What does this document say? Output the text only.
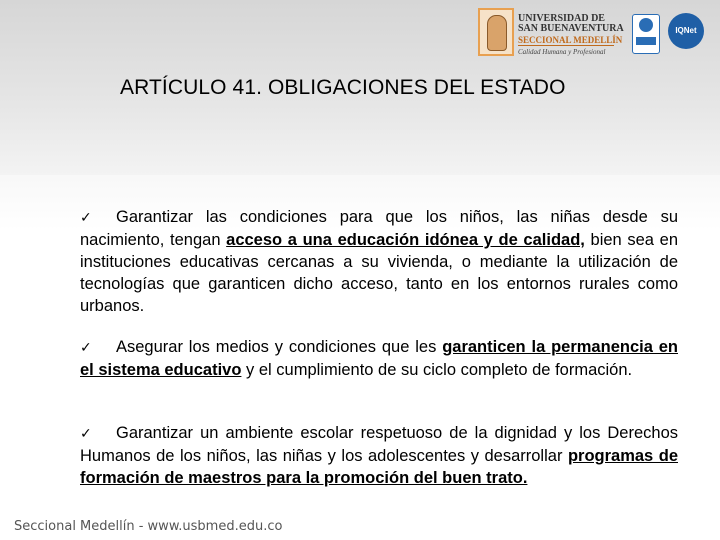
UNIVERSIDAD DE
SAN BUENAVENTURA
SECCIONAL MEDELLÍN
Calidad Humana y Profesional
IQNet
ARTÍCULO 41. OBLIGACIONES DEL ESTADO
✓ Garantizar las condiciones para que los niños, las niñas desde su nacimiento, tengan acceso a una educación idónea y de calidad, bien sea en instituciones educativas cercanas a su vivienda, o mediante la utilización de tecnologías que garanticen dicho acceso, tanto en los entornos rurales como urbanos.
✓ Asegurar los medios y condiciones que les garanticen la permanencia en el sistema educativo y el cumplimiento de su ciclo completo de formación.
✓ Garantizar un ambiente escolar respetuoso de la dignidad y los Derechos Humanos de los niños, las niñas y los adolescentes y desarrollar programas de formación de maestros para la promoción del buen trato.
Seccional Medellín - www.usbmed.edu.co
